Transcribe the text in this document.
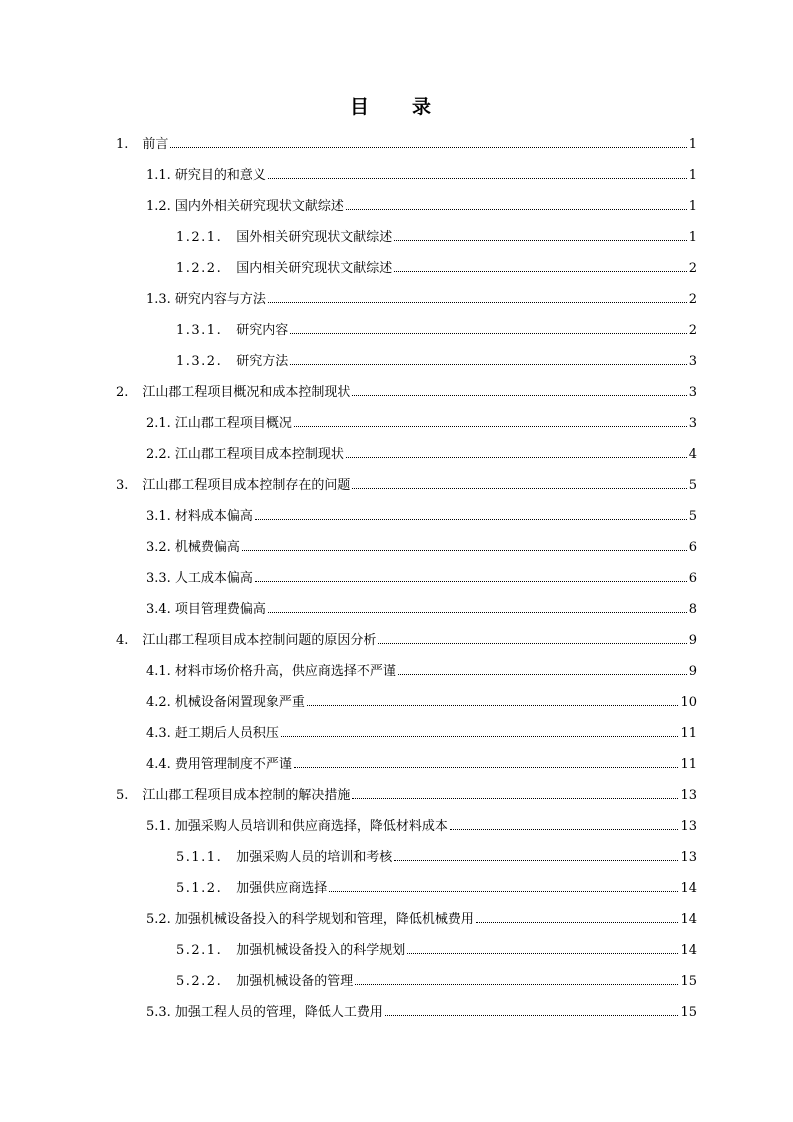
目　录
1. 前言	1
1.1. 研究目的和意义	1
1.2. 国内外相关研究现状文献综述	1
1.2.1. 国外相关研究现状文献综述	1
1.2.2. 国内相关研究现状文献综述	2
1.3. 研究内容与方法	2
1.3.1. 研究内容	2
1.3.2. 研究方法	3
2. 江山郡工程项目概况和成本控制现状	3
2.1. 江山郡工程项目概况	3
2.2. 江山郡工程项目成本控制现状	4
3. 江山郡工程项目成本控制存在的问题	5
3.1. 材料成本偏高	5
3.2. 机械费偏高	6
3.3. 人工成本偏高	6
3.4. 项目管理费偏高	8
4. 江山郡工程项目成本控制问题的原因分析	9
4.1. 材料市场价格升高，供应商选择不严谨	9
4.2. 机械设备闲置现象严重	10
4.3. 赶工期后人员积压	11
4.4. 费用管理制度不严谨	11
5. 江山郡工程项目成本控制的解决措施	13
5.1. 加强采购人员培训和供应商选择，降低材料成本	13
5.1.1. 加强采购人员的培训和考核	13
5.1.2. 加强供应商选择	14
5.2. 加强机械设备投入的科学规划和管理，降低机械费用	14
5.2.1. 加强机械设备投入的科学规划	14
5.2.2. 加强机械设备的管理	15
5.3. 加强工程人员的管理，降低人工费用	15
